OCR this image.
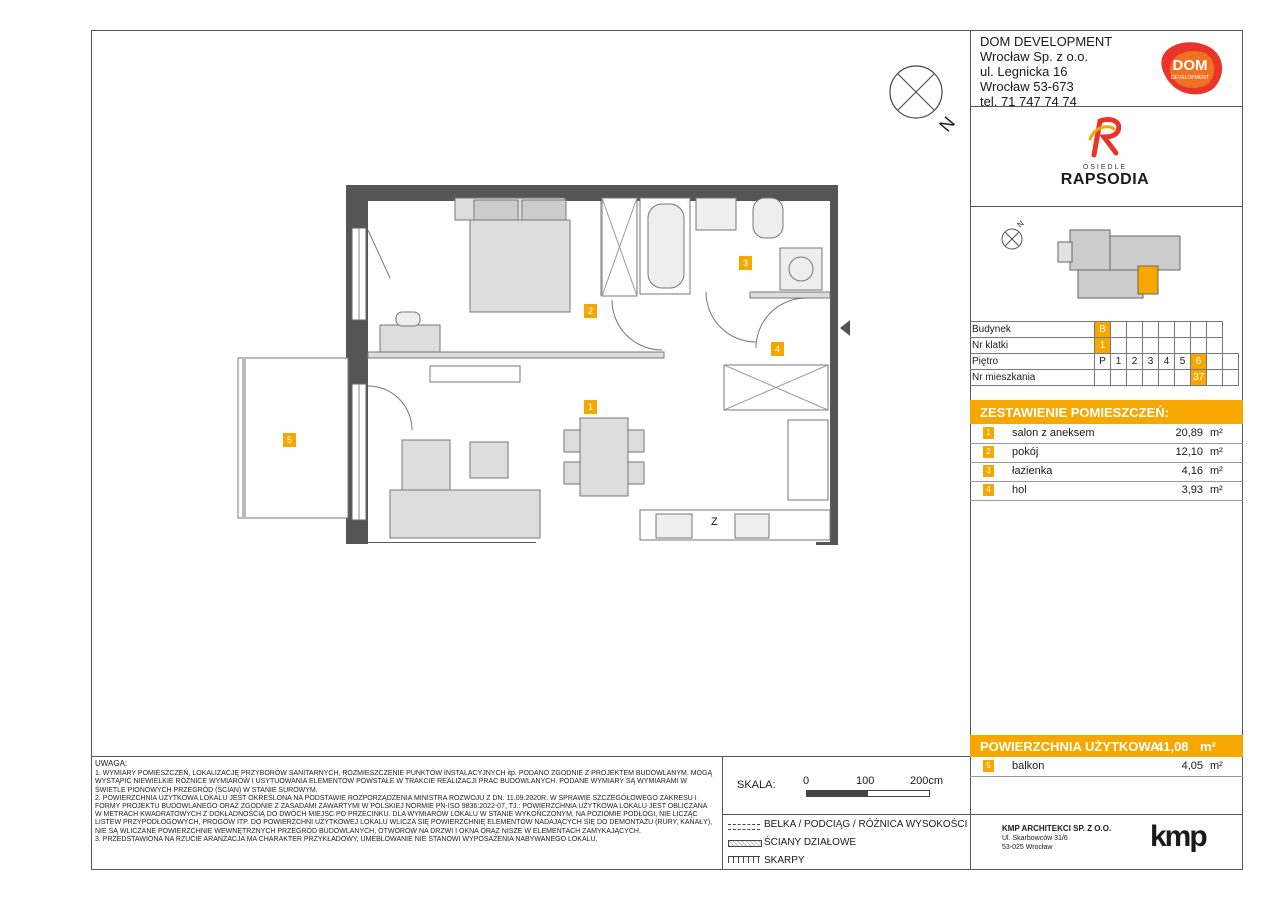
DOM DEVELOPMENT
Wrocław Sp. z o.o.
ul. Legnicka 16
Wrocław 53-673
tel. 71 747 74 74
DOM
DEVELOPMENT
OSIEDLE
RAPSODIA
N
Budynek	B								
Nr klatki	1								
Piętro	P	1	2	3	4	5	6		
Nr mieszkania							37		
ZESTAWIENIE POMIESZCZEŃ:
1 salon z aneksem	20,89 m²
2 pokój	12,10 m²
3 łazienka	4,16 m²
4 hol	3,93 m²
POWIERZCHNIA UŻYTKOWA:
41,08 m²
5 balkon	4,05 m²
N
1
2
3
4
5
Z

UWAGA:

1. WYMIARY POMIESZCZEŃ, LOKALIZACJĘ PRZYBORÓW SANITARNYCH, ROZMIESZCZENIE PUNKTÓW INSTALACYJNYCH itp. PODANO ZGODNIE Z PROJEKTEM BUDOWLANYM. MOGĄ WYSTĄPIĆ NIEWIELKIE RÓŻNICE WYMIARÓW I USYTUOWANIA ELEMENTÓW POWSTAŁE W TRAKCIE REALIZACJI PRAC BUDOWLANYCH. PODANE WYMIARY SĄ WYMIARAMI W ŚWIETLE PIONOWYCH PRZEGRÓD (ŚCIAN) W STANIE SUROWYM.

2. POWIERZCHNIA UŻYTKOWA LOKALU JEST OKREŚLONA NA PODSTAWIE ROZPORZĄDZENIA MINISTRA ROZWOJU Z DN. 11.09.2020R. W SPRAWIE SZCZEGÓŁOWEGO ZAKRESU I FORMY PROJEKTU BUDOWLANEGO ORAZ ZGODNIE Z ZASADAMI ZAWARTYMI W POLSKIEJ NORMIE PN-ISO 9836:2022-07, TJ.: POWIERZCHNIA UŻYTKOWA LOKALU JEST OBLICZANA W METRACH KWADRATOWYCH Z DOKŁADNOŚCIĄ DO DWÓCH MIEJSC PO PRZECINKU. DLA WYMIARÓW LOKALU W STANIE WYKOŃCZONYM, NA POZIOMIE PODŁOGI, NIE LICZĄC LISTEW PRZYPODŁOGOWYCH, PROGÓW ITP. DO POWIERZCHNI UŻYTKOWEJ LOKALU WLICZA SIĘ POWIERZCHNIĘ ELEMENTÓW NADAJĄCYCH SIĘ DO DEMONTAŻU (RURY, KANAŁY), NIE SĄ WLICZANE POWIERZCHNIE WEWNĘTRZNYCH PRZEGRÓD BUDOWLANYCH, OTWORÓW NA DRZWI I OKNA ORAZ NISZE W ELEMENTACH ZAMYKAJĄCYCH.

3. PRZEDSTAWIONA NA RZUCIE ARANŻACJA MA CHARAKTER PRZYKŁADOWY, UMEBLOWANIE NIE STANOWI WYPOSAŻENIA NABYWANEGO LOKALU.

SKALA: 0	100	200cm
BELKA / PODCIĄG / RÓŻNICA WYSOKOŚCI
ŚCIANY DZIAŁOWE
SKARPY
KMP ARCHITEKCI SP. Z O.O.
Ul. Skarbowców 31/6
53-025 Wrocław	kmp
